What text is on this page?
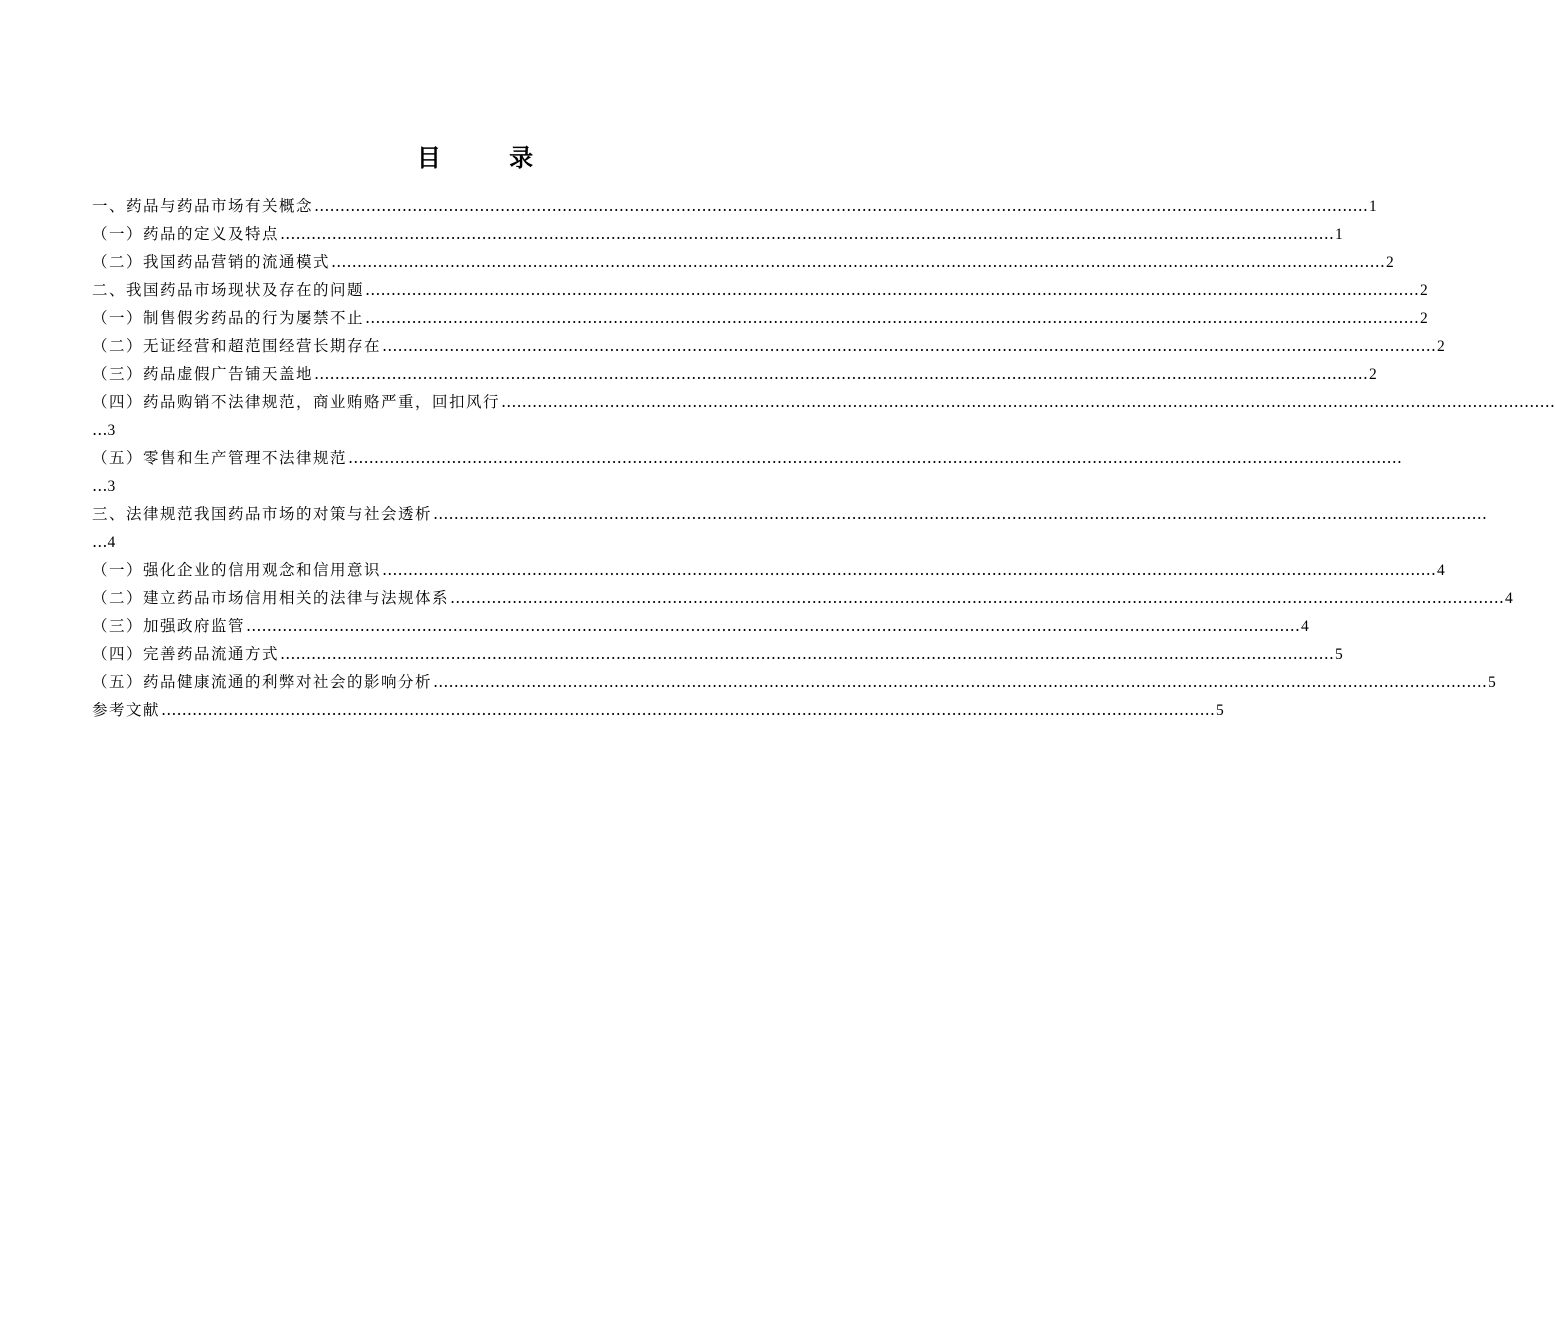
目 录
一、药品与药品市场有关概念 …………………………………………………………………………………………………………………………………………………………………………………… 1
（一）药品的定义及特点 …………………………………………………………………………………………………………………………………………………………………………………… 1
（二）我国药品营销的流通模式 …………………………………………………………………………………………………………………………………………………………………………………… 2
二、我国药品市场现状及存在的问题 …………………………………………………………………………………………………………………………………………………………………………………… 2
（一）制售假劣药品的行为屡禁不止 …………………………………………………………………………………………………………………………………………………………………………………… 2
（二）无证经营和超范围经营长期存在 …………………………………………………………………………………………………………………………………………………………………………………… 2
（三）药品虚假广告铺天盖地 …………………………………………………………………………………………………………………………………………………………………………………… 2
（四）药品购销不法律规范，商业贿赂严重，回扣风行 ……………………………………………………………………………………………………………………………………………………………………………………
… 3
（五）零售和生产管理不法律规范 ……………………………………………………………………………………………………………………………………………………………………………………
… 3
三、法律规范我国药品市场的对策与社会透析 ……………………………………………………………………………………………………………………………………………………………………………………
… 4
（一）强化企业的信用观念和信用意识 …………………………………………………………………………………………………………………………………………………………………………………… 4
（二）建立药品市场信用相关的法律与法规体系 …………………………………………………………………………………………………………………………………………………………………………………… 4
（三）加强政府监管 …………………………………………………………………………………………………………………………………………………………………………………… 4
（四）完善药品流通方式 …………………………………………………………………………………………………………………………………………………………………………………… 5
（五）药品健康流通的利弊对社会的影响分析 …………………………………………………………………………………………………………………………………………………………………………………… 5
参考文献 …………………………………………………………………………………………………………………………………………………………………………………… 5
